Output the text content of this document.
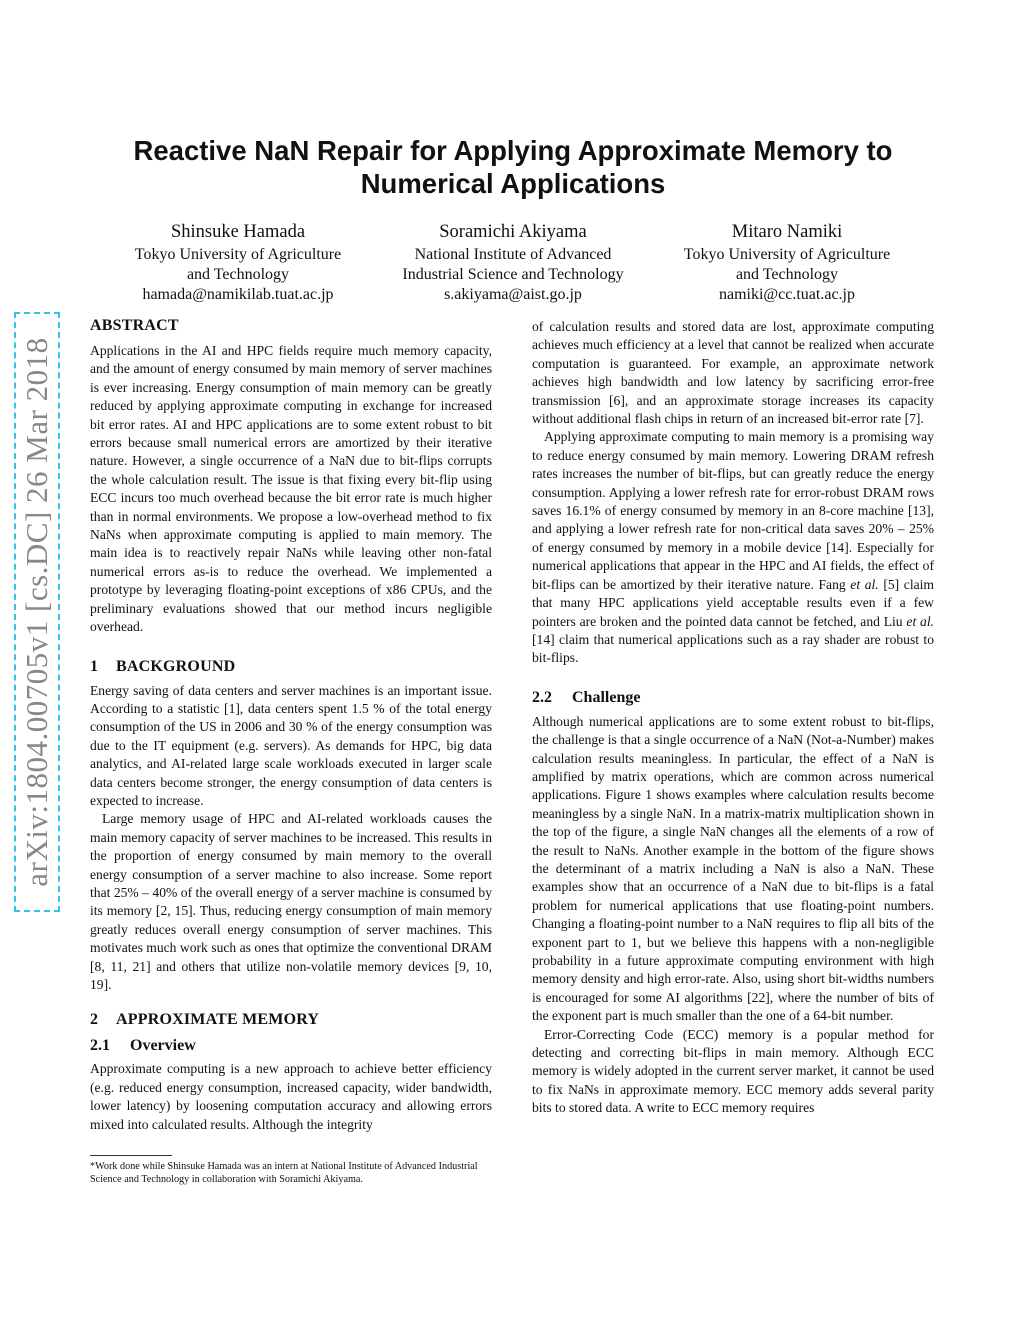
arXiv:1804.00705v1 [cs.DC] 26 Mar 2018
Reactive NaN Repair for Applying Approximate Memory to Numerical Applications
Shinsuke Hamada
Tokyo University of Agriculture
and Technology
hamada@namikilab.tuat.ac.jp
Soramichi Akiyama
National Institute of Advanced
Industrial Science and Technology
s.akiyama@aist.go.jp
Mitaro Namiki
Tokyo University of Agriculture
and Technology
namiki@cc.tuat.ac.jp
ABSTRACT

Applications in the AI and HPC fields require much memory capacity, and the amount of energy consumed by main memory of server machines is ever increasing. Energy consumption of main memory can be greatly reduced by applying approximate computing in exchange for increased bit error rates. AI and HPC applications are to some extent robust to bit errors because small numerical errors are amortized by their iterative nature. However, a single occurrence of a NaN due to bit-flips corrupts the whole calculation result. The issue is that fixing every bit-flip using ECC incurs too much overhead because the bit error rate is much higher than in normal environments. We propose a low-overhead method to fix NaNs when approximate computing is applied to main memory. The main idea is to reactively repair NaNs while leaving other non-fatal numerical errors as-is to reduce the overhead. We implemented a prototype by leveraging floating-point exceptions of x86 CPUs, and the preliminary evaluations showed that our method incurs negligible overhead.

1 BACKGROUND

Energy saving of data centers and server machines is an important issue. According to a statistic [1], data centers spent 1.5 % of the total energy consumption of the US in 2006 and 30 % of the energy consumption was due to the IT equipment (e.g. servers). As demands for HPC, big data analytics, and AI-related large scale workloads executed in larger scale data centers become stronger, the energy consumption of data centers is expected to increase.

Large memory usage of HPC and AI-related workloads causes the main memory capacity of server machines to be increased. This results in the proportion of energy consumed by main memory to the overall energy consumption of a server machine to also increase. Some report that 25% – 40% of the overall energy of a server machine is consumed by its memory [2, 15]. Thus, reducing energy consumption of main memory greatly reduces overall energy consumption of server machines. This motivates much work such as ones that optimize the conventional DRAM [8, 11, 21] and others that utilize non-volatile memory devices [9, 10, 19].

2 APPROXIMATE MEMORY
2.1 Overview

Approximate computing is a new approach to achieve better efficiency (e.g. reduced energy consumption, increased capacity, wider bandwidth, lower latency) by loosening computation accuracy and allowing errors mixed into calculated results. Although the integrity

*Work done while Shinsuke Hamada was an intern at National Institute of Advanced Industrial Science and Technology in collaboration with Soramichi Akiyama.

of calculation results and stored data are lost, approximate computing achieves much efficiency at a level that cannot be realized when accurate computation is guaranteed. For example, an approximate network achieves high bandwidth and low latency by sacrificing error-free transmission [6], and an approximate storage increases its capacity without additional flash chips in return of an increased bit-error rate [7].

Applying approximate computing to main memory is a promising way to reduce energy consumed by main memory. Lowering DRAM refresh rates increases the number of bit-flips, but can greatly reduce the energy consumption. Applying a lower refresh rate for error-robust DRAM rows saves 16.1% of energy consumed by memory in an 8-core machine [13], and applying a lower refresh rate for non-critical data saves 20% – 25% of energy consumed by memory in a mobile device [14]. Especially for numerical applications that appear in the HPC and AI fields, the effect of bit-flips can be amortized by their iterative nature. Fang et al. [5] claim that many HPC applications yield acceptable results even if a few pointers are broken and the pointed data cannot be fetched, and Liu et al. [14] claim that numerical applications such as a ray shader are robust to bit-flips.

2.2 Challenge

Although numerical applications are to some extent robust to bit-flips, the challenge is that a single occurrence of a NaN (Not-a-Number) makes calculation results meaningless. In particular, the effect of a NaN is amplified by matrix operations, which are common across numerical applications. Figure 1 shows examples where calculation results become meaningless by a single NaN. In a matrix-matrix multiplication shown in the top of the figure, a single NaN changes all the elements of a row of the result to NaNs. Another example in the bottom of the figure shows the determinant of a matrix including a NaN is also a NaN. These examples show that an occurrence of a NaN due to bit-flips is a fatal problem for numerical applications that use floating-point numbers. Changing a floating-point number to a NaN requires to flip all bits of the exponent part to 1, but we believe this happens with a non-negligible probability in a future approximate computing environment with high memory density and high error-rate. Also, using short bit-widths numbers is encouraged for some AI algorithms [22], where the number of bits of the exponent part is much smaller than the one of a 64-bit number.

Error-Correcting Code (ECC) memory is a popular method for detecting and correcting bit-flips in main memory. Although ECC memory is widely adopted in the current server market, it cannot be used to fix NaNs in approximate memory. ECC memory adds several parity bits to stored data. A write to ECC memory requires
